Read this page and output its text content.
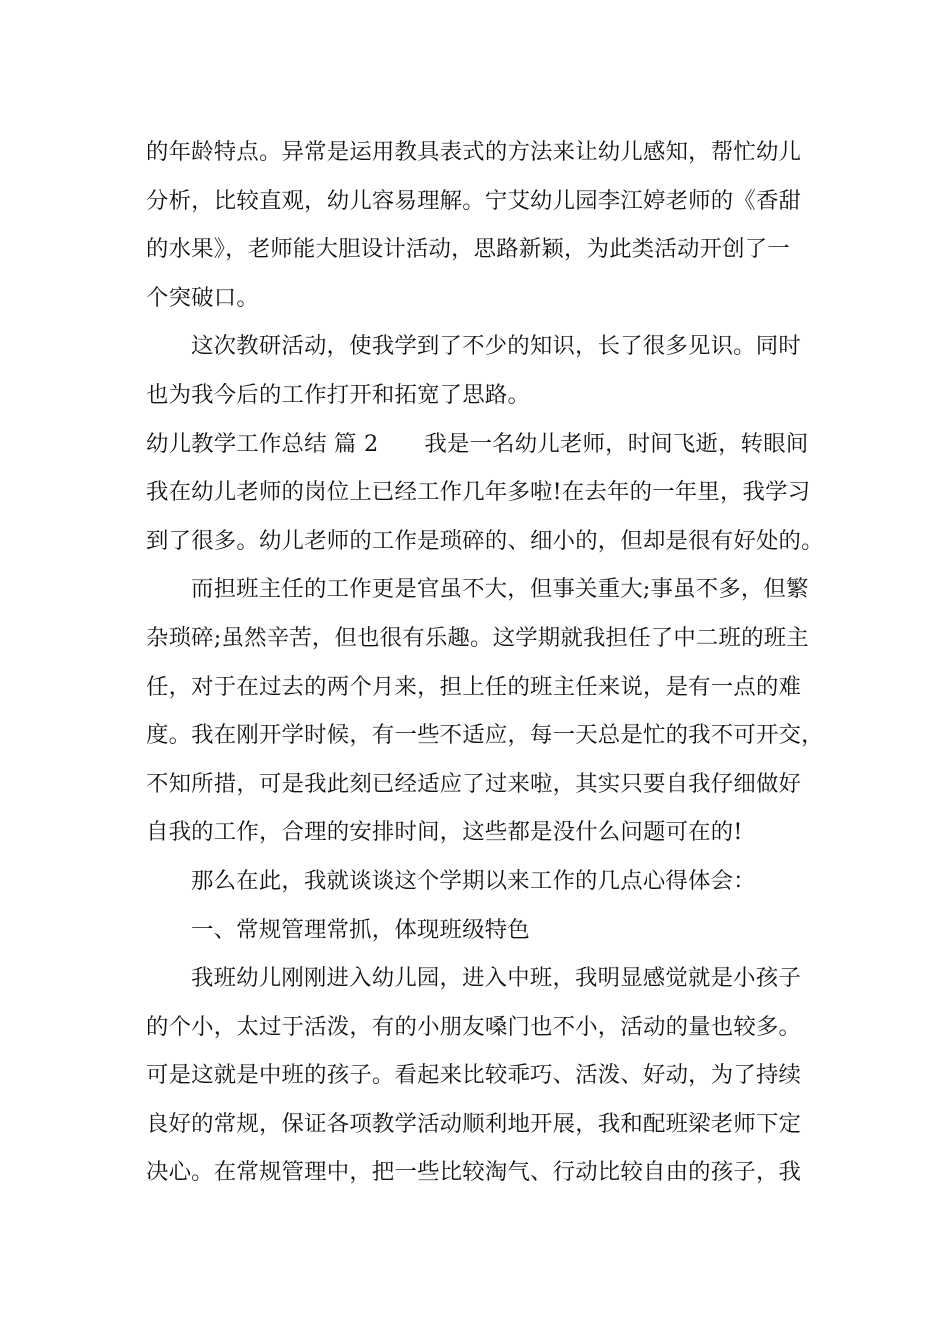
的年龄特点。异常是运用教具表式的方法来让幼儿感知，帮忙幼儿
分析，比较直观，幼儿容易理解。宁艾幼儿园李江婷老师的《香甜
的水果》，老师能大胆设计活动，思路新颖，为此类活动开创了一
个突破口。
这次教研活动，使我学到了不少的知识，长了很多见识。同时
也为我今后的工作打开和拓宽了思路。
幼儿教学工作总结 篇 2 我是一名幼儿老师，时间飞逝，转眼间
我在幼儿老师的岗位上已经工作几年多啦!在去年的一年里，我学习
到了很多。幼儿老师的工作是琐碎的、细小的，但却是很有好处的。
而担班主任的工作更是官虽不大，但事关重大;事虽不多，但繁
杂琐碎;虽然辛苦，但也很有乐趣。这学期就我担任了中二班的班主
任，对于在过去的两个月来，担上任的班主任来说，是有一点的难
度。我在刚开学时候，有一些不适应，每一天总是忙的我不可开交，
不知所措，可是我此刻已经适应了过来啦，其实只要自我仔细做好
自我的工作，合理的安排时间，这些都是没什么问题可在的!
那么在此，我就谈谈这个学期以来工作的几点心得体会：
一、常规管理常抓，体现班级特色
我班幼儿刚刚进入幼儿园，进入中班，我明显感觉就是小孩子
的个小，太过于活泼，有的小朋友嗓门也不小，活动的量也较多。
可是这就是中班的孩子。看起来比较乖巧、活泼、好动，为了持续
良好的常规，保证各项教学活动顺利地开展，我和配班梁老师下定
决心。在常规管理中，把一些比较淘气、行动比较自由的孩子，我
